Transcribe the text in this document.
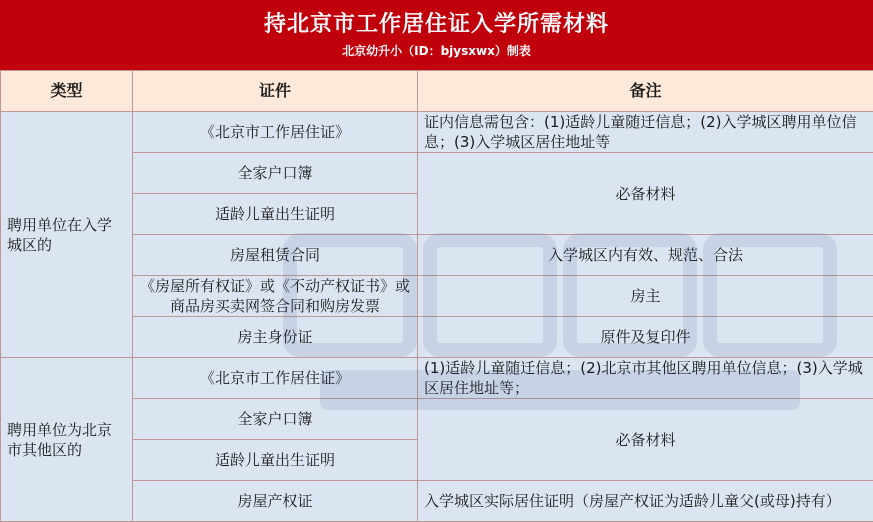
持北京市工作居住证入学所需材料
北京幼升小（ID：bjysxwx）制表
类型	证件	备注
聘用单位在入学城区的	《北京市工作居住证》	证内信息需包含：(1)适龄儿童随迁信息；(2)入学城区聘用单位信息；(3)入学城区居住地址等
	全家户口簿	必备材料
	适龄儿童出生证明	
	房屋租赁合同	入学城区内有效、规范、合法
	《房屋所有权证》或《不动产权证书》或商品房买卖网签合同和购房发票	房主
	房主身份证	原件及复印件
聘用单位为北京市其他区的	《北京市工作居住证》	(1)适龄儿童随迁信息；(2)北京市其他区聘用单位信息；(3)入学城区居住地址等；
	全家户口簿	必备材料
	适龄儿童出生证明	
	房屋产权证	入学城区实际居住证明（房屋产权证为适龄儿童父(或母)持有）
